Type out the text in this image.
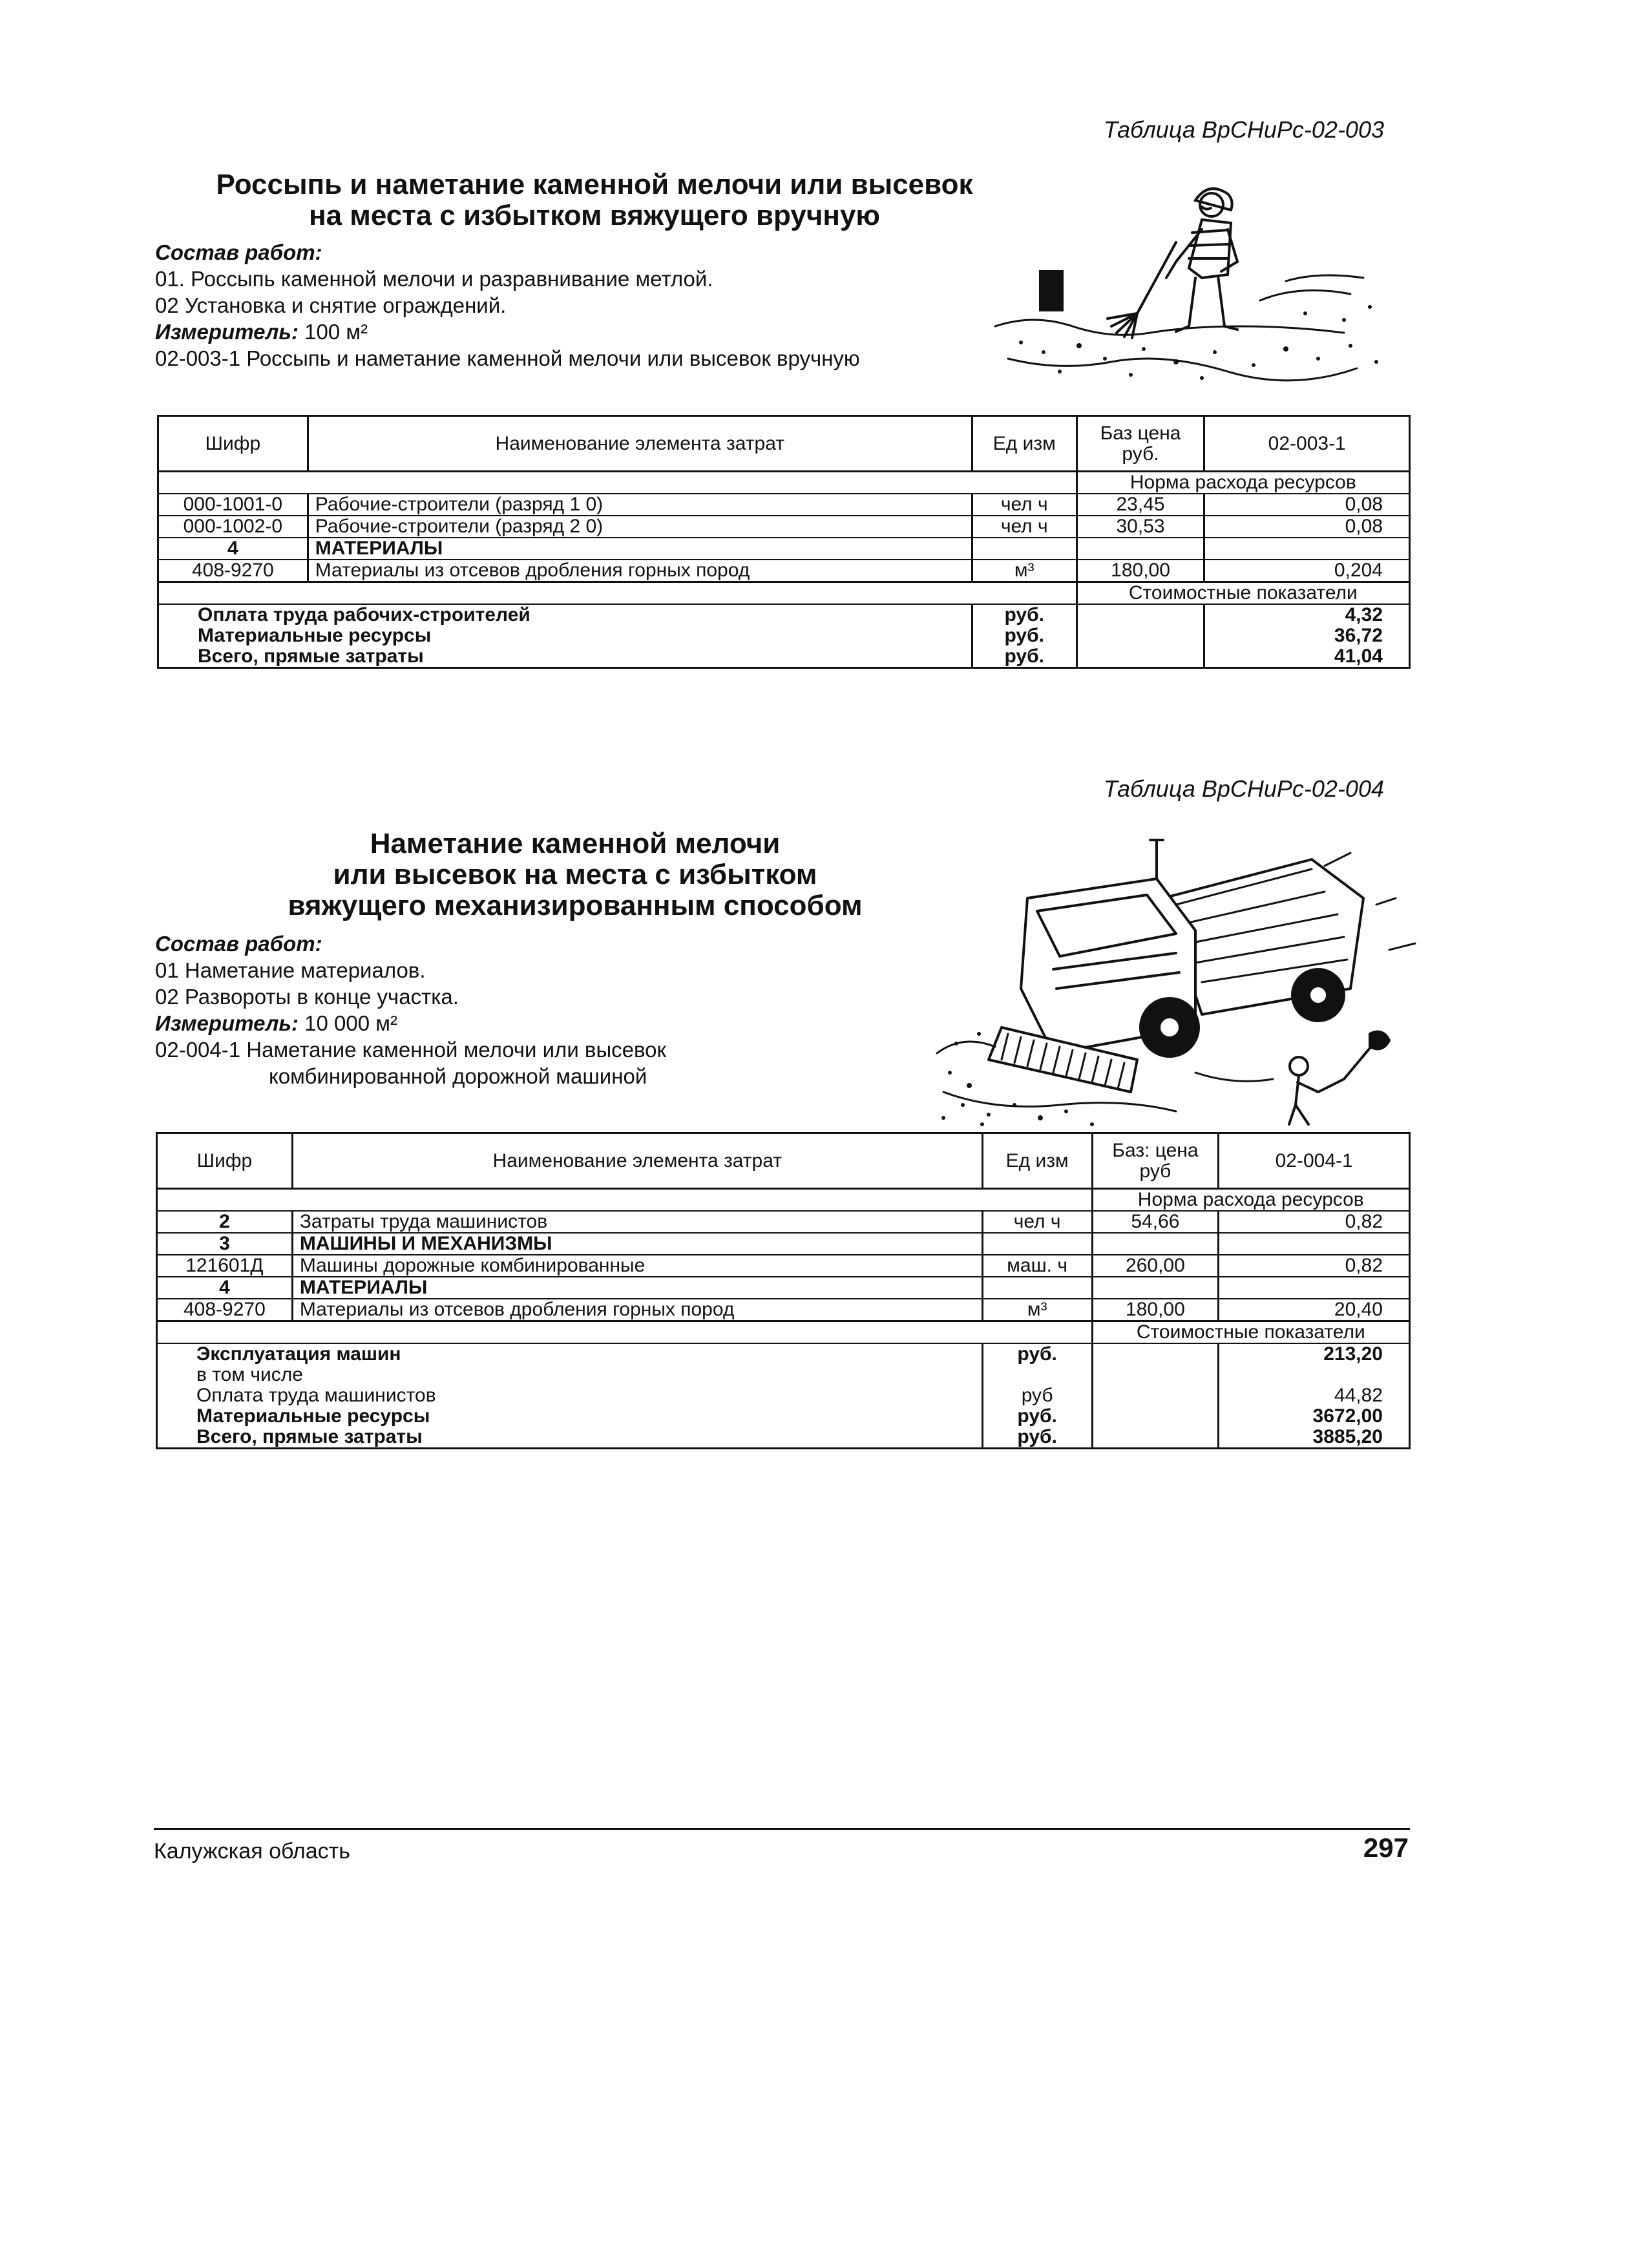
Таблица ВрСНиРс-02-003
Россыпь и наметание каменной мелочи или высевок
на места с избытком вяжущего вручную
Состав работ:
01. Россыпь каменной мелочи и разравнивание метлой.
02 Установка и снятие ограждений.
Измеритель: 100 м²
02-003-1 Россыпь и наметание каменной мелочи или высевок вручную
Шифр	Наименование элемента затрат	Ед изм	Баз цена руб.	02-003-1
			Норма расхода ресурсов	
000-1001-0	Рабочие-строители (разряд 1 0)	чел ч	23,45	0,08
000-1002-0	Рабочие-строители (разряд 2 0)	чел ч	30,53	0,08
4	МАТЕРИАЛЫ			
408-9270	Материалы из отсевов дробления горных пород	м³	180,00	0,204
			Стоимостные показатели	
Оплата труда рабочих-строителей		руб.		4,32
Материальные ресурсы		руб.		36,72
Всего, прямые затраты		руб.		41,04
Таблица ВрСНиРс-02-004
Наметание каменной мелочи
или высевок на места с избытком
вяжущего механизированным способом
Состав работ:
01 Наметание материалов.
02 Развороты в конце участка.
Измеритель: 10 000 м²
02-004-1 Наметание каменной мелочи или высевок
комбинированной дорожной машиной
Шифр	Наименование элемента затрат	Ед изм	Баз: цена руб	02-004-1
			Норма расхода ресурсов	
2	Затраты труда машинистов	чел ч	54,66	0,82
3	МАШИНЫ И МЕХАНИЗМЫ			
121601Д	Машины дорожные комбинированные	маш. ч	260,00	0,82
4	МАТЕРИАЛЫ			
408-9270	Материалы из отсевов дробления горных пород	м³	180,00	20,40
			Стоимостные показатели	
Эксплуатация машин		руб.		213,20
в том числе				
Оплата труда машинистов		руб		44,82
Материальные ресурсы		руб.		3672,00
Всего, прямые затраты		руб.		3885,20
Калужская область	297
